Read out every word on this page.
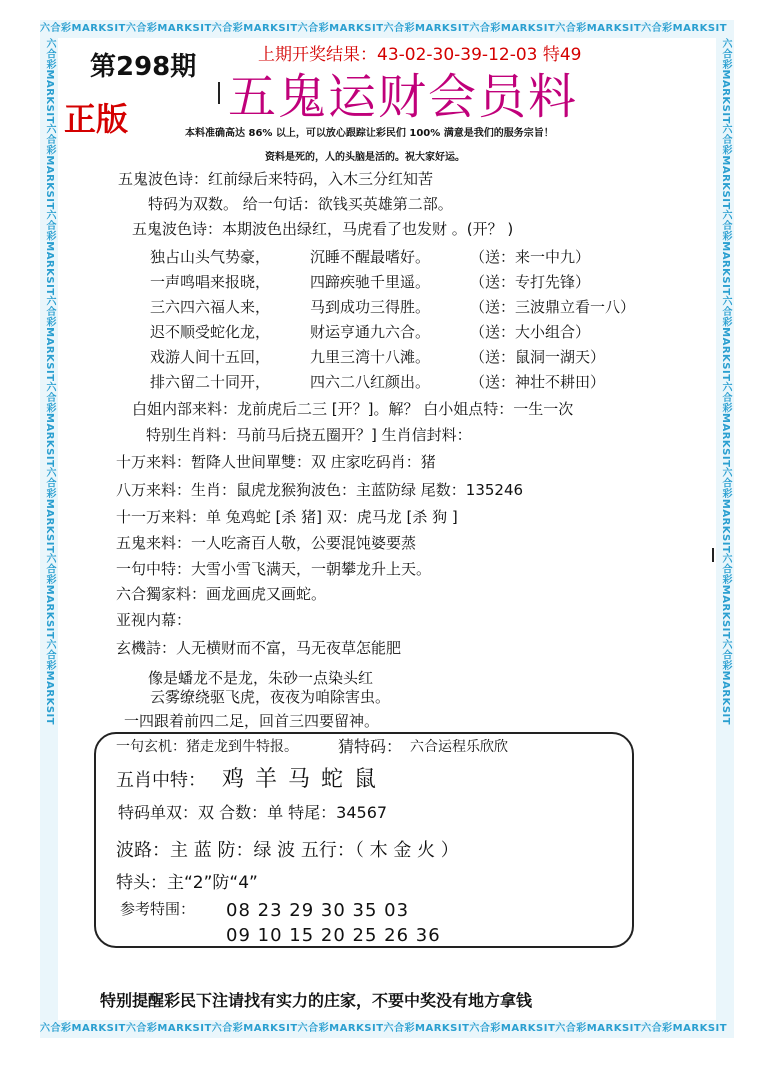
六合彩MARKSIT六合彩MARKSIT六合彩MARKSIT六合彩MARKSIT六合彩MARKSIT六合彩MARKSIT六合彩MARKSIT六合彩MARKSIT
六合彩MARKSIT六合彩MARKSIT六合彩MARKSIT六合彩MARKSIT六合彩MARKSIT六合彩MARKSIT六合彩MARKSIT六合彩MARKSIT
六合彩MARKSIT六合彩MARKSIT六合彩MARKSIT六合彩MARKSIT六合彩MARKSIT六合彩MARKSIT六合彩MARKSIT六合彩MARKSIT	六合彩MARKSIT六合彩MARKSIT六合彩MARKSIT六合彩MARKSIT六合彩MARKSIT六合彩MARKSIT六合彩MARKSIT六合彩MARKSIT
第298期
正版
上期开奖结果：43-02-30-39-12-03 特49
五鬼运财会员料
本料准确高达 86% 以上，可以放心跟踪让彩民们 100% 满意是我们的服务宗旨！
资料是死的，人的头脑是活的。祝大家好运。
五鬼波色诗：红前绿后来特码，入木三分红知苦
特码为双数。 给一句话：欲钱买英雄第二部。
五鬼波色诗：本期波色出绿红，马虎看了也发财 。(开？ )
独占山头气势豪，	沉睡不醒最嗜好。	（送：来一中九）
一声鸣唱来报晓，	四蹄疾驰千里遥。	（送：专打先锋）
三六四六福人来，	马到成功三得胜。	（送：三波鼎立看一八）
迟不顺受蛇化龙，	财运亨通九六合。	（送：大小组合）
戏游人间十五回，	九里三湾十八滩。	（送：鼠洞一湖天）
排六留二十同开，	四六二八红颜出。	（送：神壮不耕田）
白姐内部来料：龙前虎后二三 [开？]。解？ 白小姐点特：一生一次
特别生肖料：马前马后挠五圈开？] 生肖信封料：
十万来料：暂降人世间單雙：双 庄家吃码肖：猪
八万来料：生肖：鼠虎龙猴狗波色：主蓝防绿 尾数：135246
十一万来料：单 兔鸡蛇 [杀 猪] 双：虎马龙 [杀 狗 ]
五鬼来料：一人吃斋百人敬，公要混饨婆要蒸
一句中特：大雪小雪飞满天，一朝攀龙升上天。
六合獨家料：画龙画虎又画蛇。
亚视内幕：
玄機詩：人无横财而不富，马无夜草怎能肥
像是蟠龙不是龙，朱砂一点染头红
云雾缭绕驱飞虎，夜夜为咱除害虫。
一四跟着前四二足，回首三四要留神。
一句玄机：猪走龙到牛特报。	猜特码： 六合运程乐欣欣
五肖中特： 鸡 羊 马 蛇 鼠
特码单双：双 合数：单 特尾：34567
波路：主 蓝 防：绿 波 五行：（ 木 金 火 ）
特头：主“2”防“4”
参考特围： 08 23 29 30 35 03
09 10 15 20 25 26 36
特别提醒彩民下注请找有实力的庄家，不要中奖没有地方拿钱
